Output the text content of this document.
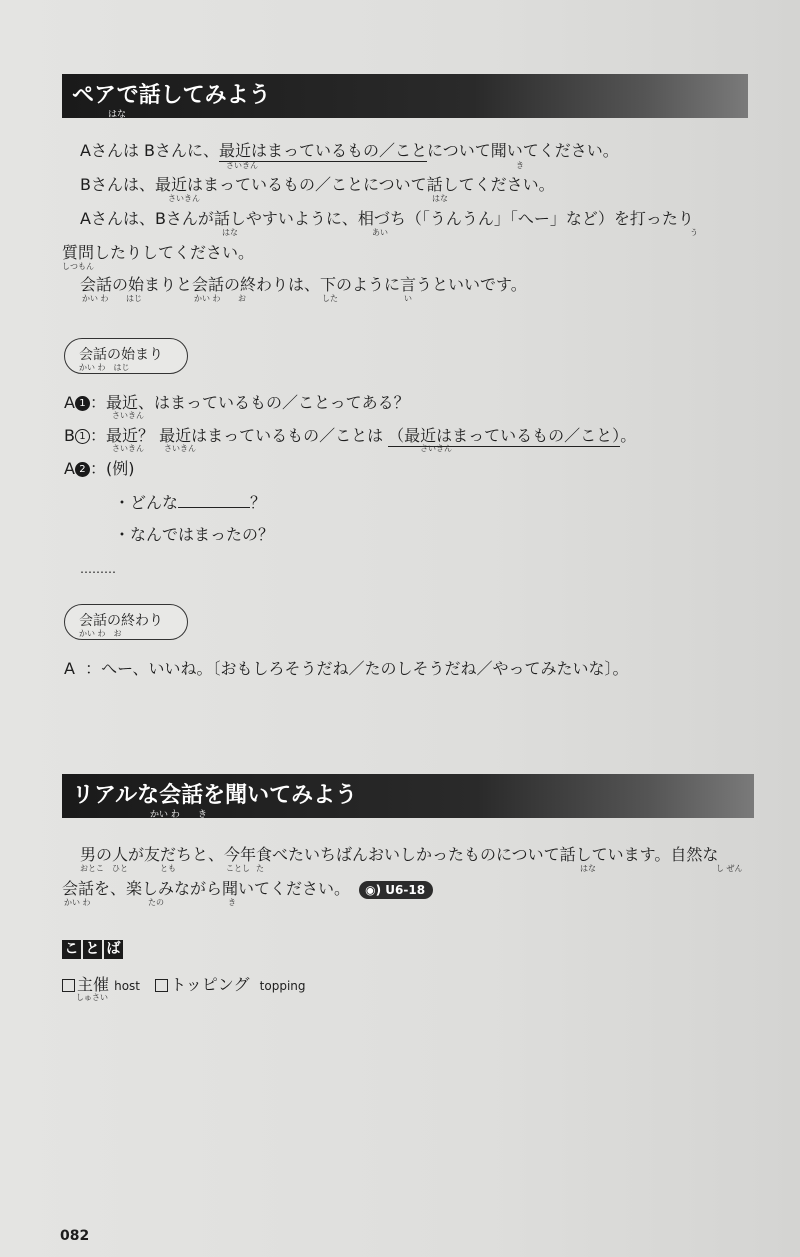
ペアで話してみよう
はな
Aさんは Bさんに、最近はまっているもの／ことについて聞いてください。
さいきん	き
Bさんは、最近はまっているもの／ことについて話してください。
さいきん	はな
Aさんは、Bさんが話しやすいように、相づち（「うんうん」「へー」など）を打ったり
はな	あい	う
質問したりしてください。
しつもん
会話の始まりと会話の終わりは、下のように言うといいです。
かい わ はじ	かい わ お	した	い
会話の始まり
かい わ　はじ
A 1 ：最近、はまっているもの／ことってある？
さいきん
B 1 ：最近？ 最近はまっているもの／ことは （最近はまっているもの／こと）。
さいきん	さいきん	さいきん
A 2 ：(例)
・どんな	？
・なんではまったの？
………
会話の終わり
かい わ　お
A ：へー、いいね。〔おもしろそうだね／たのしそうだね／やってみたいな〕。
リアルな会話を聞いてみよう
かい わ　　き
男の人が友だちと、今年食べたいちばんおいしかったものについて話しています。自然な
おとこ ひと	とも	ことし た	はな	し ぜん
会話を、楽しみながら聞いてください。 ◉) U6-18
かい わ	たの	き
こ と ば
主催 host トッピング topping
しゅさい
082
